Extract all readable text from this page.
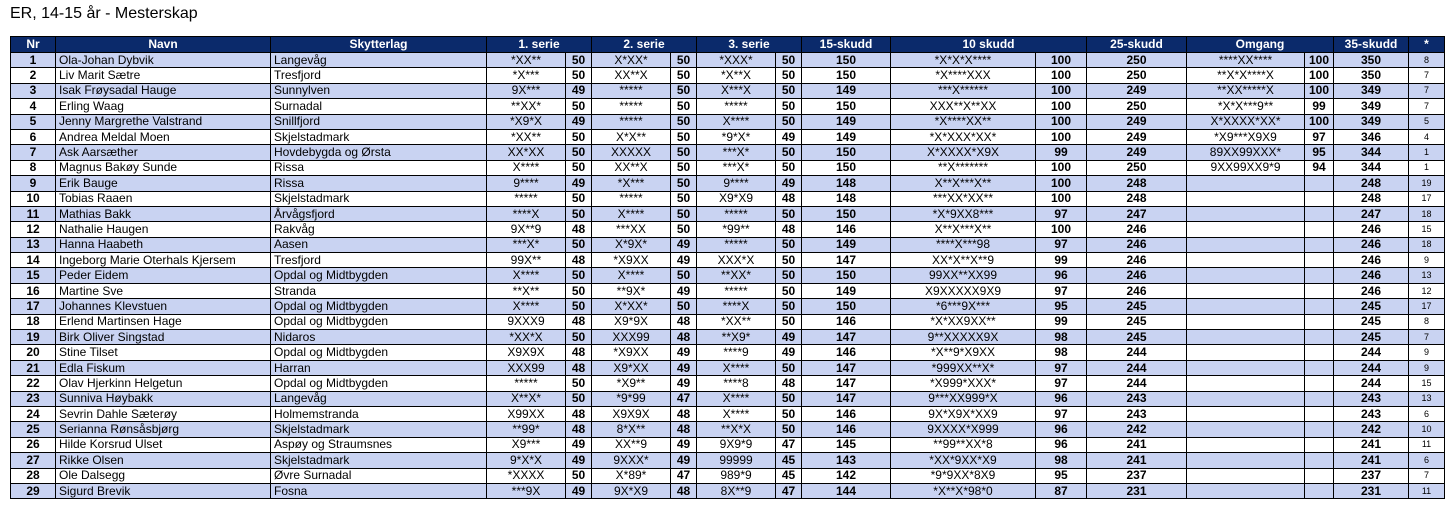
ER, 14-15 år - Mesterskap
Nr	Navn	Skytterlag	1. serie		2. serie		3. serie		15-skudd	10 skudd		25-skudd	Omgang		35-skudd	*
1	Ola-Johan Dybvik	Langevåg	*XX**	50	X*XX*	50	*XXX*	50	150	*X*X*X****	100	250	****XX****	100	350	8
2	Liv Marit Sætre	Tresfjord	*X***	50	XX**X	50	*X**X	50	150	*X****XXX	100	250	**X*X****X	100	350	7
3	Isak Frøysadal Hauge	Sunnylven	9X***	49	*****	50	X***X	50	149	***X******	100	249	**XX*****X	100	349	7
4	Erling Waag	Surnadal	**XX*	50	*****	50	*****	50	150	XXX**X**XX	100	250	*X*X***9**	99	349	7
5	Jenny Margrethe Valstrand	Snillfjord	*X9*X	49	*****	50	X****	50	149	*X****XX**	100	249	X*XXXX*XX*	100	349	5
6	Andrea Meldal Moen	Skjelstadmark	*XX**	50	X*X**	50	*9*X*	49	149	*X*XXX*XX*	100	249	*X9***X9X9	97	346	4
7	Ask Aarsæther	Hovdebygda og Ørsta	XX*XX	50	XXXXX	50	***X*	50	150	X*XXXX*X9X	99	249	89XX99XXX*	95	344	1
8	Magnus Bakøy Sunde	Rissa	X****	50	XX**X	50	***X*	50	150	**X*******	100	250	9XX99XX9*9	94	344	1
9	Erik Bauge	Rissa	9****	49	*X***	50	9****	49	148	X**X***X**	100	248			248	19
10	Tobias Raaen	Skjelstadmark	*****	50	*****	50	X9*X9	48	148	***XX*XX**	100	248			248	17
11	Mathias Bakk	Årvågsfjord	****X	50	X****	50	*****	50	150	*X*9XX8***	97	247			247	18
12	Nathalie Haugen	Rakvåg	9X**9	48	***XX	50	*99**	48	146	X**X***X**	100	246			246	15
13	Hanna Haabeth	Aasen	***X*	50	X*9X*	49	*****	50	149	****X***98	97	246			246	18
14	Ingeborg Marie Oterhals Kjersem	Tresfjord	99X**	48	*X9XX	49	XXX*X	50	147	XX*X**X**9	99	246			246	9
15	Peder Eidem	Opdal og Midtbygden	X****	50	X****	50	**XX*	50	150	99XX**XX99	96	246			246	13
16	Martine Sve	Stranda	**X**	50	**9X*	49	*****	50	149	X9XXXXX9X9	97	246			246	12
17	Johannes Klevstuen	Opdal og Midtbygden	X****	50	X*XX*	50	****X	50	150	*6***9X***	95	245			245	17
18	Erlend Martinsen Hage	Opdal og Midtbygden	9XXX9	48	X9*9X	48	*XX**	50	146	*X*XX9XX**	99	245			245	8
19	Birk Oliver Singstad	Nidaros	*XX*X	50	XXX99	48	**X9*	49	147	9**XXXXX9X	98	245			245	7
20	Stine Tilset	Opdal og Midtbygden	X9X9X	48	*X9XX	49	****9	49	146	*X**9*X9XX	98	244			244	9
21	Edla Fiskum	Harran	XXX99	48	X9*XX	49	X****	50	147	*999XX**X*	97	244			244	9
22	Olav Hjerkinn Helgetun	Opdal og Midtbygden	*****	50	*X9**	49	****8	48	147	*X999*XXX*	97	244			244	15
23	Sunniva Høybakk	Langevåg	X**X*	50	*9*99	47	X****	50	147	9***XX999*X	96	243			243	13
24	Sevrin Dahle Sæterøy	Holmemstranda	X99XX	48	X9X9X	48	X****	50	146	9X*X9X*XX9	97	243			243	6
25	Serianna Rønsåsbjørg	Skjelstadmark	**99*	48	8*X**	48	**X*X	50	146	9XXXX*X999	96	242			242	10
26	Hilde Korsrud Ulset	Aspøy og Straumsnes	X9***	49	XX**9	49	9X9*9	47	145	**99**XX*8	96	241			241	11
27	Rikke Olsen	Skjelstadmark	9*X*X	49	9XXX*	49	99999	45	143	*XX*9XX*X9	98	241			241	6
28	Ole Dalsegg	Øvre Surnadal	*XXXX	50	X*89*	47	989*9	45	142	*9*9XX*8X9	95	237			237	7
29	Sigurd Brevik	Fosna	***9X	49	9X*X9	48	8X**9	47	144	*X**X*98*0	87	231			231	11
